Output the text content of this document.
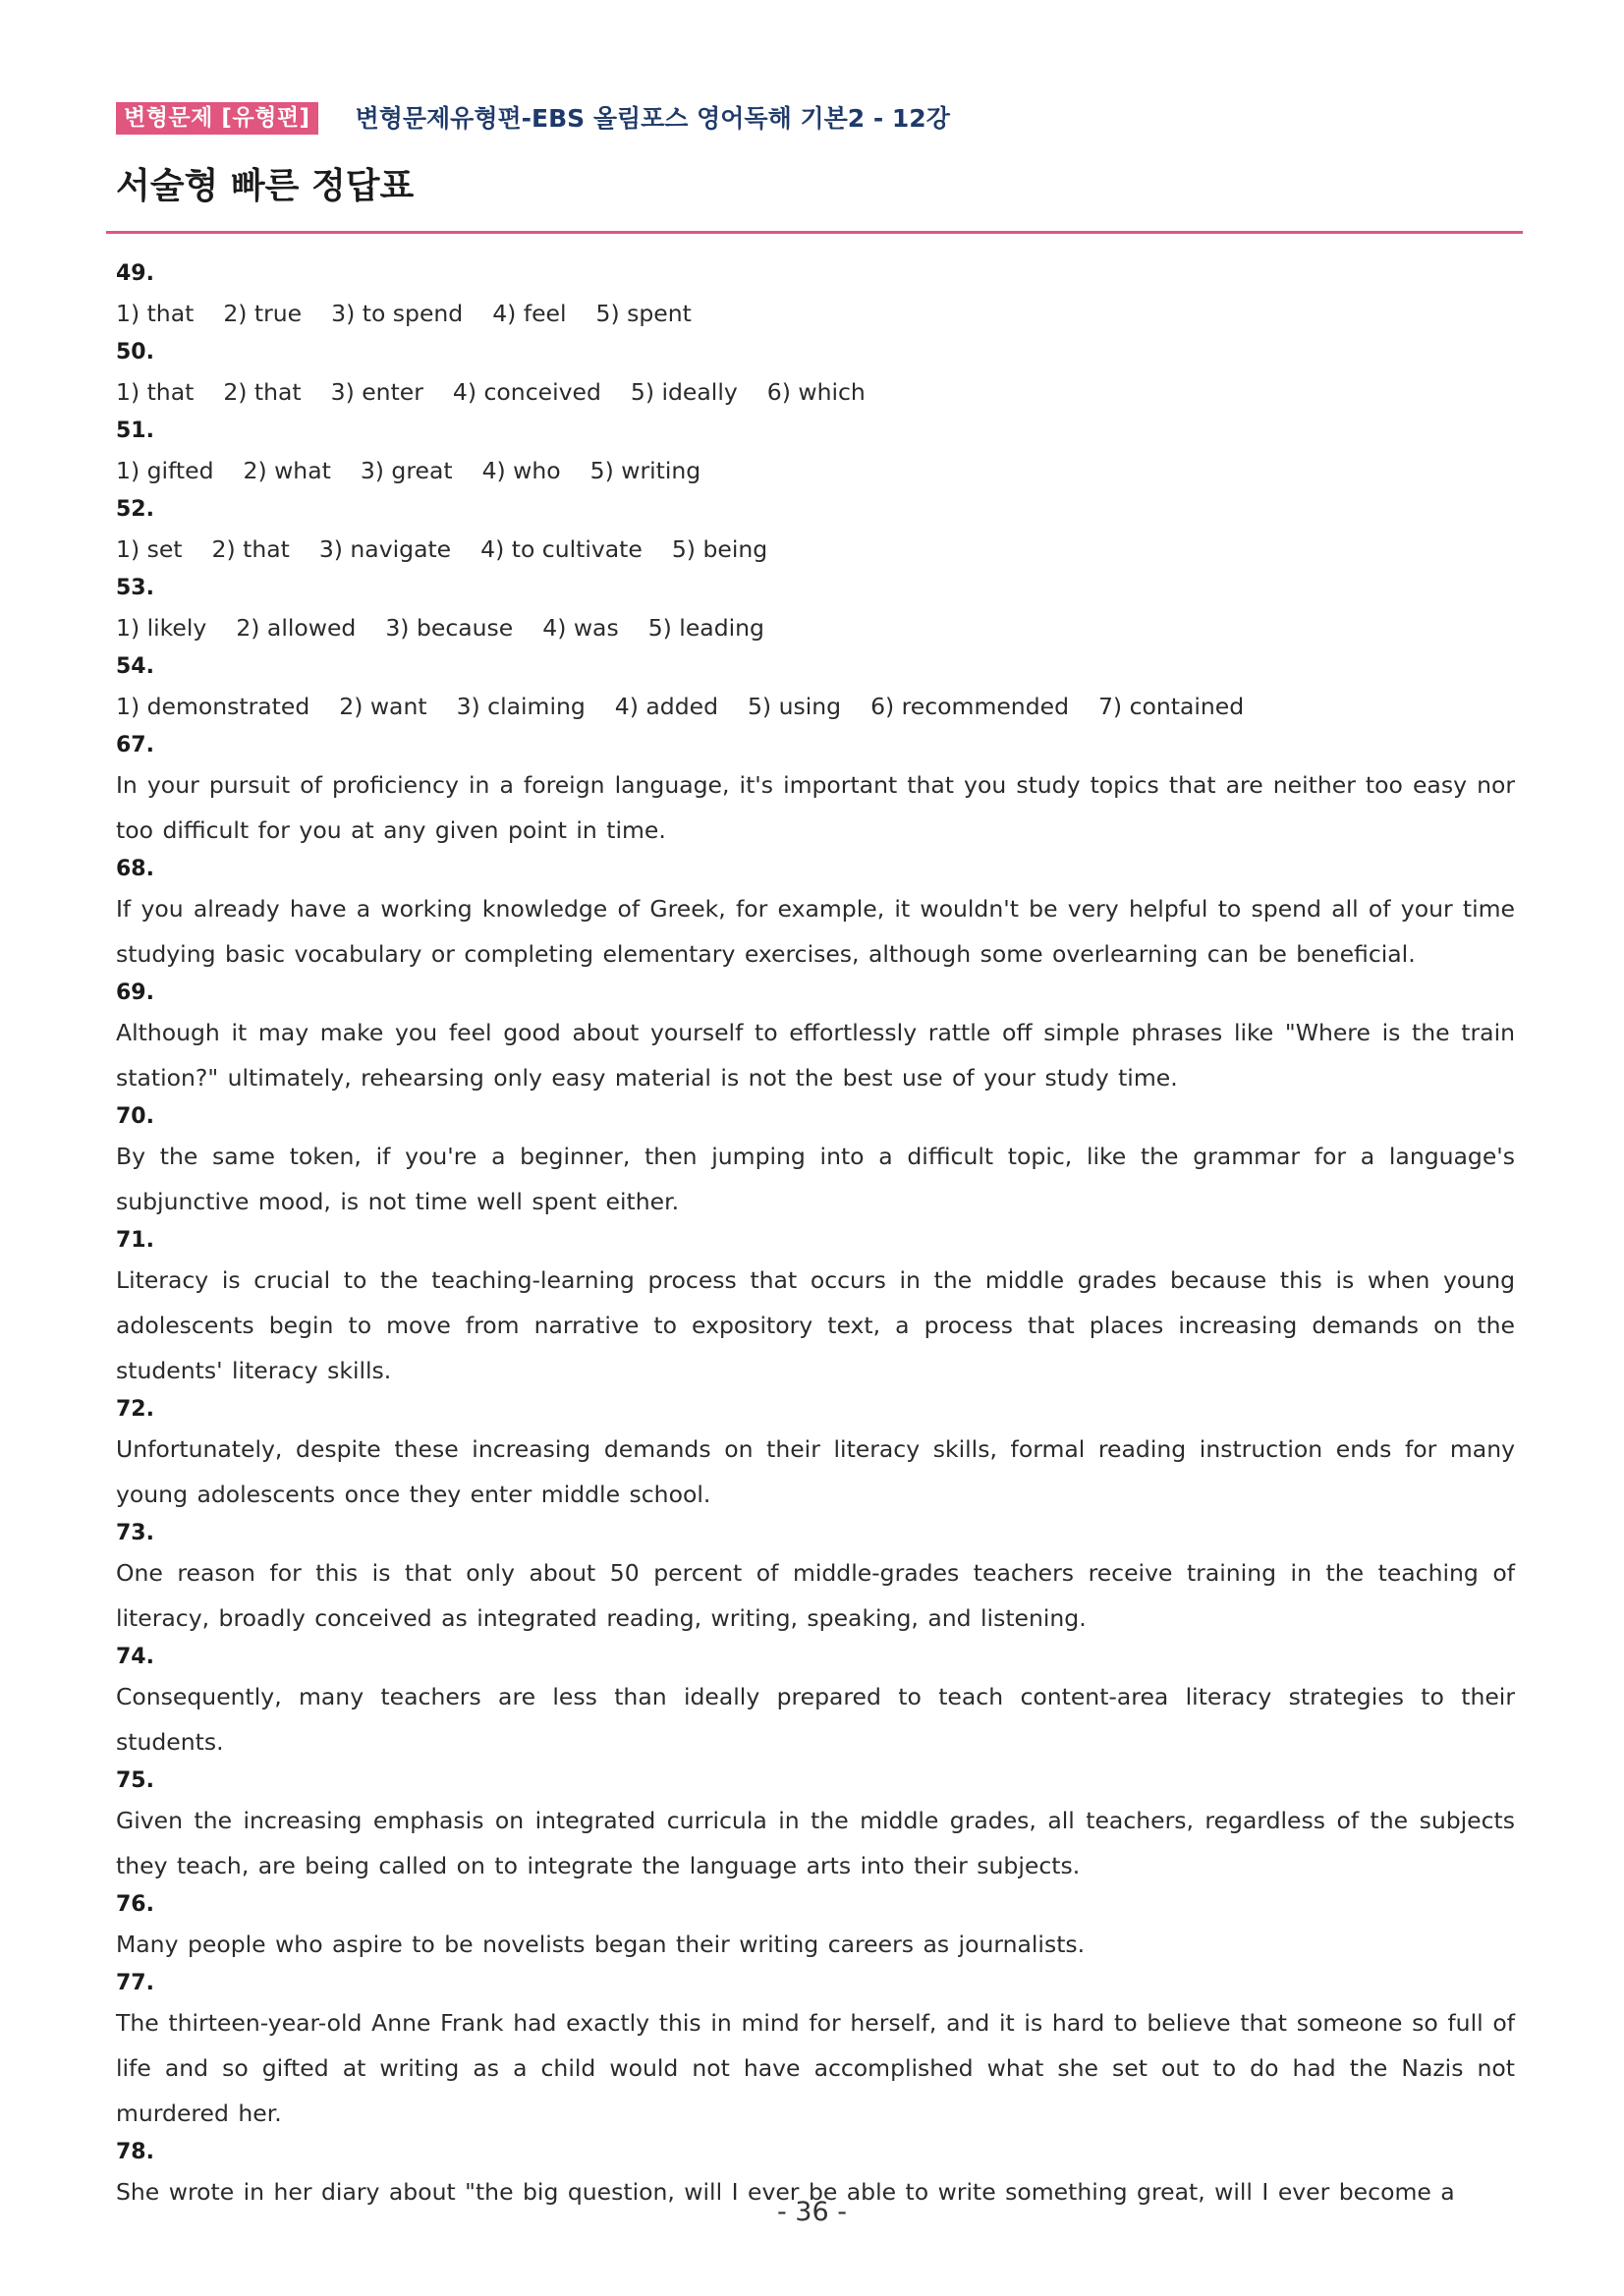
변형문제 [유형편]	변형문제유형편-EBS 올림포스 영어독해 기본2 - 12강
서술형 빠른 정답표
49.
1) that 2) true 3) to spend 4) feel 5) spent
50.
1) that 2) that 3) enter 4) conceived 5) ideally 6) which
51.
1) gifted 2) what 3) great 4) who 5) writing
52.
1) set 2) that 3) navigate 4) to cultivate 5) being
53.
1) likely 2) allowed 3) because 4) was 5) leading
54.
1) demonstrated 2) want 3) claiming 4) added 5) using 6) recommended 7) contained
67.
In your pursuit of proficiency in a foreign language, it's important that you study topics that are neither too easy nor too difficult for you at any given point in time.
68.
If you already have a working knowledge of Greek, for example, it wouldn't be very helpful to spend all of your time studying basic vocabulary or completing elementary exercises, although some overlearning can be beneficial.
69.
Although it may make you feel good about yourself to effortlessly rattle off simple phrases like "Where is the train station?" ultimately, rehearsing only easy material is not the best use of your study time.
70.
By the same token, if you're a beginner, then jumping into a difficult topic, like the grammar for a language's subjunctive mood, is not time well spent either.
71.
Literacy is crucial to the teaching-learning process that occurs in the middle grades because this is when young adolescents begin to move from narrative to expository text, a process that places increasing demands on the students' literacy skills.
72.
Unfortunately, despite these increasing demands on their literacy skills, formal reading instruction ends for many young adolescents once they enter middle school.
73.
One reason for this is that only about 50 percent of middle-grades teachers receive training in the teaching of literacy, broadly conceived as integrated reading, writing, speaking, and listening.
74.
Consequently, many teachers are less than ideally prepared to teach content-area literacy strategies to their students.
75.
Given the increasing emphasis on integrated curricula in the middle grades, all teachers, regardless of the subjects they teach, are being called on to integrate the language arts into their subjects.
76.
Many people who aspire to be novelists began their writing careers as journalists.
77.
The thirteen-year-old Anne Frank had exactly this in mind for herself, and it is hard to believe that someone so full of life and so gifted at writing as a child would not have accomplished what she set out to do had the Nazis not murdered her.
78.
She wrote in her diary about "the big question, will I ever be able to write something great, will I ever become a
- 36 -
